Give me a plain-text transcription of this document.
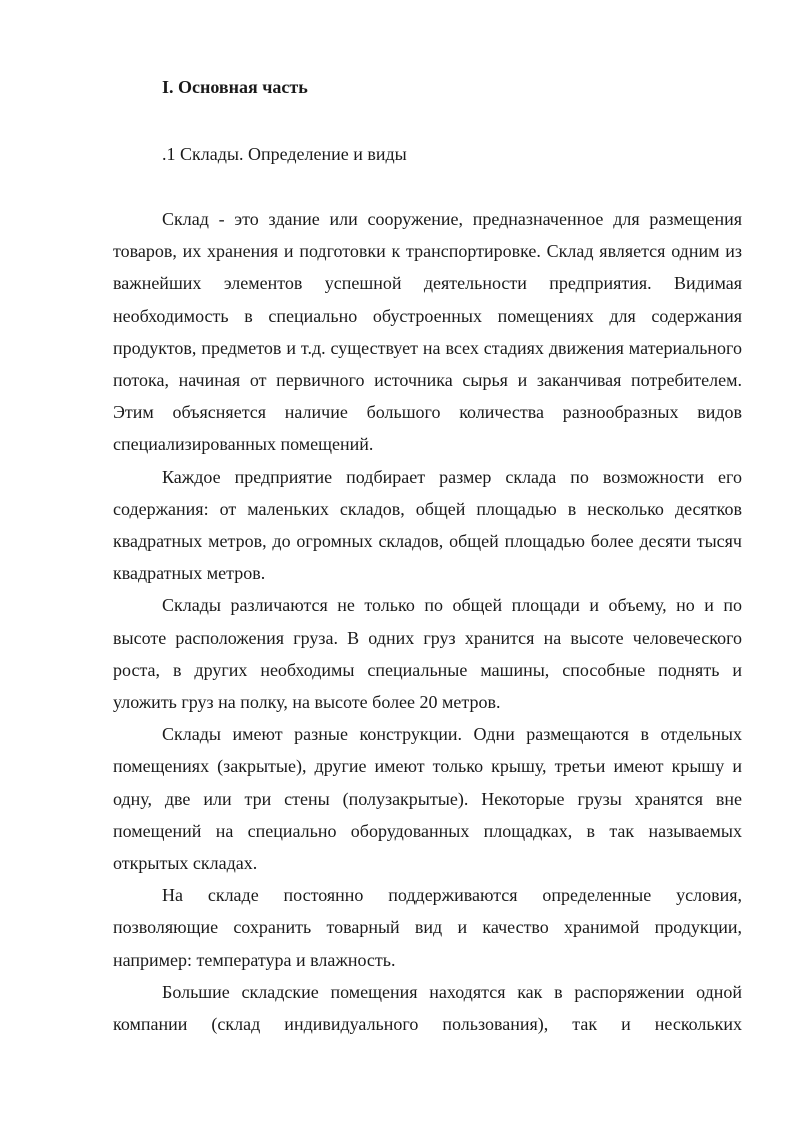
I. Основная часть
.1 Склады. Определение и виды

Склад - это здание или сооружение, предназначенное для размещения товаров, их хранения и подготовки к транспортировке. Склад является одним из важнейших элементов успешной деятельности предприятия. Видимая необходимость в специально обустроенных помещениях для содержания продуктов, предметов и т.д. существует на всех стадиях движения материального потока, начиная от первичного источника сырья и заканчивая потребителем. Этим объясняется наличие большого количества разнообразных видов специализированных помещений.

Каждое предприятие подбирает размер склада по возможности его содержания: от маленьких складов, общей площадью в несколько десятков квадратных метров, до огромных складов, общей площадью более десяти тысяч квадратных метров.

Склады различаются не только по общей площади и объему, но и по высоте расположения груза. В одних груз хранится на высоте человеческого роста, в других необходимы специальные машины, способные поднять и уложить груз на полку, на высоте более 20 метров.

Склады имеют разные конструкции. Одни размещаются в отдельных помещениях (закрытые), другие имеют только крышу, третьи имеют крышу и одну, две или три стены (полузакрытые). Некоторые грузы хранятся вне помещений на специально оборудованных площадках, в так называемых открытых складах.

На складе постоянно поддерживаются определенные условия, позволяющие сохранить товарный вид и качество хранимой продукции, например: температура и влажность.

Большие складские помещения находятся как в распоряжении одной компании (склад индивидуального пользования), так и нескольких
